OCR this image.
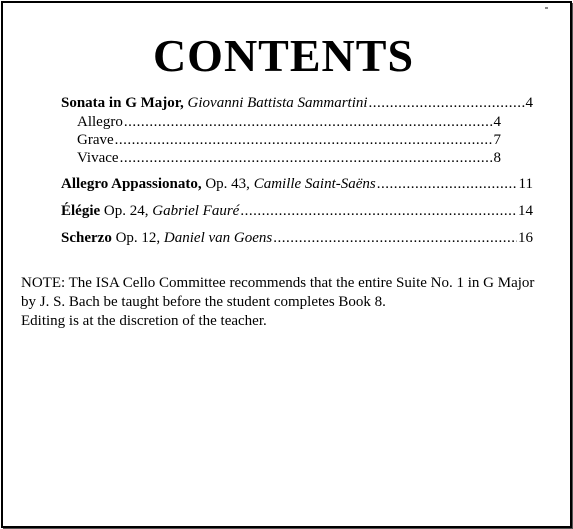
CONTENTS
Sonata in G Major, Giovanni Battista Sammartini .....	4
Allegro .....	4
Grave .....	7
Vivace .....	8
Allegro Appassionato, Op. 43, Camille Saint-Saëns .....	11
Élégie Op. 24, Gabriel Fauré .....	14
Scherzo Op. 12, Daniel van Goens .....	16
NOTE: The ISA Cello Committee recommends that the entire Suite No. 1 in G Major
by J. S. Bach be taught before the student completes Book 8.
Editing is at the discretion of the teacher.
